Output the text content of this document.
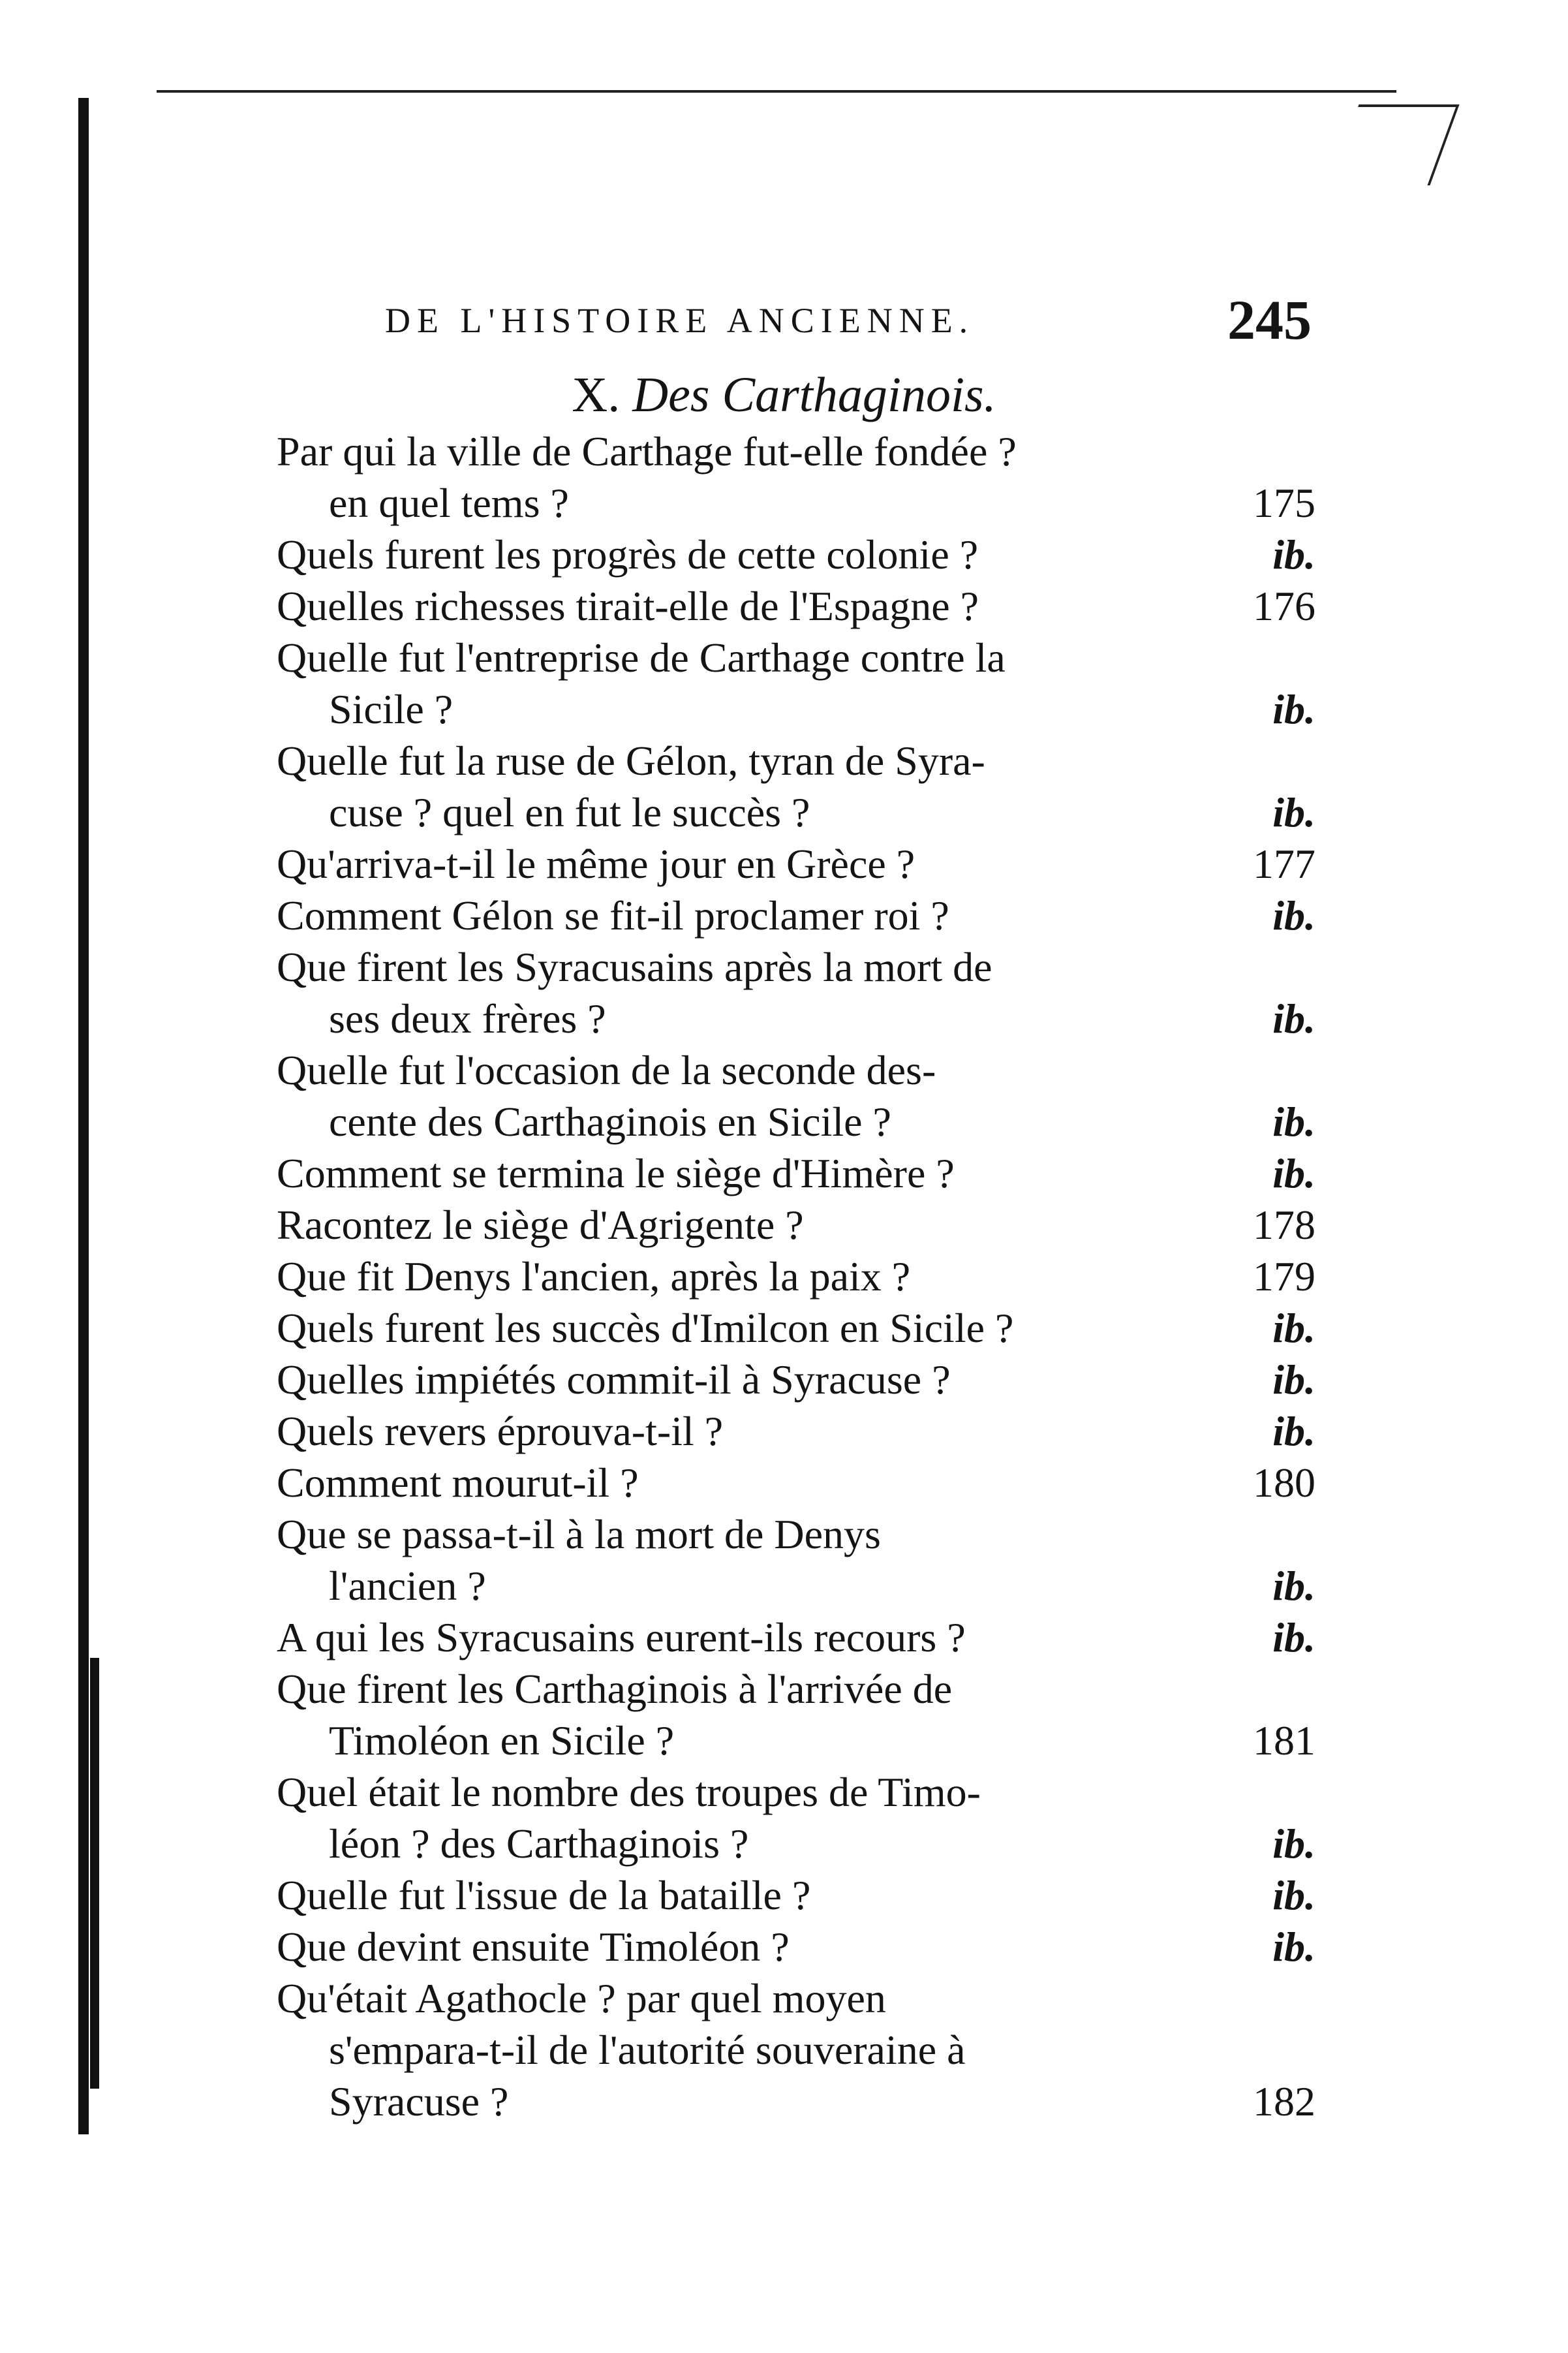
DE L'HISTOIRE ANCIENNE.	245
X. Des Carthaginois.
Par qui la ville de Carthage fut-elle fondée ?
en quel tems ?	175
Quels furent les progrès de cette colonie ?	ib.
Quelles richesses tirait-elle de l'Espagne ?	176
Quelle fut l'entreprise de Carthage contre la
Sicile ?	ib.
Quelle fut la ruse de Gélon, tyran de Syra-
cuse ? quel en fut le succès ?	ib.
Qu'arriva-t-il le même jour en Grèce ?	177
Comment Gélon se fit-il proclamer roi ?	ib.
Que firent les Syracusains après la mort de
ses deux frères ?	ib.
Quelle fut l'occasion de la seconde des-
cente des Carthaginois en Sicile ?	ib.
Comment se termina le siège d'Himère ?	ib.
Racontez le siège d'Agrigente ?	178
Que fit Denys l'ancien, après la paix ?	179
Quels furent les succès d'Imilcon en Sicile ?	ib.
Quelles impiétés commit-il à Syracuse ?	ib.
Quels revers éprouva-t-il ?	ib.
Comment mourut-il ?	180
Que se passa-t-il à la mort de Denys
l'ancien ?	ib.
A qui les Syracusains eurent-ils recours ?	ib.
Que firent les Carthaginois à l'arrivée de
Timoléon en Sicile ?	181
Quel était le nombre des troupes de Timo-
léon ? des Carthaginois ?	ib.
Quelle fut l'issue de la bataille ?	ib.
Que devint ensuite Timoléon ?	ib.
Qu'était Agathocle ? par quel moyen
s'empara-t-il de l'autorité souveraine à
Syracuse ?	182
